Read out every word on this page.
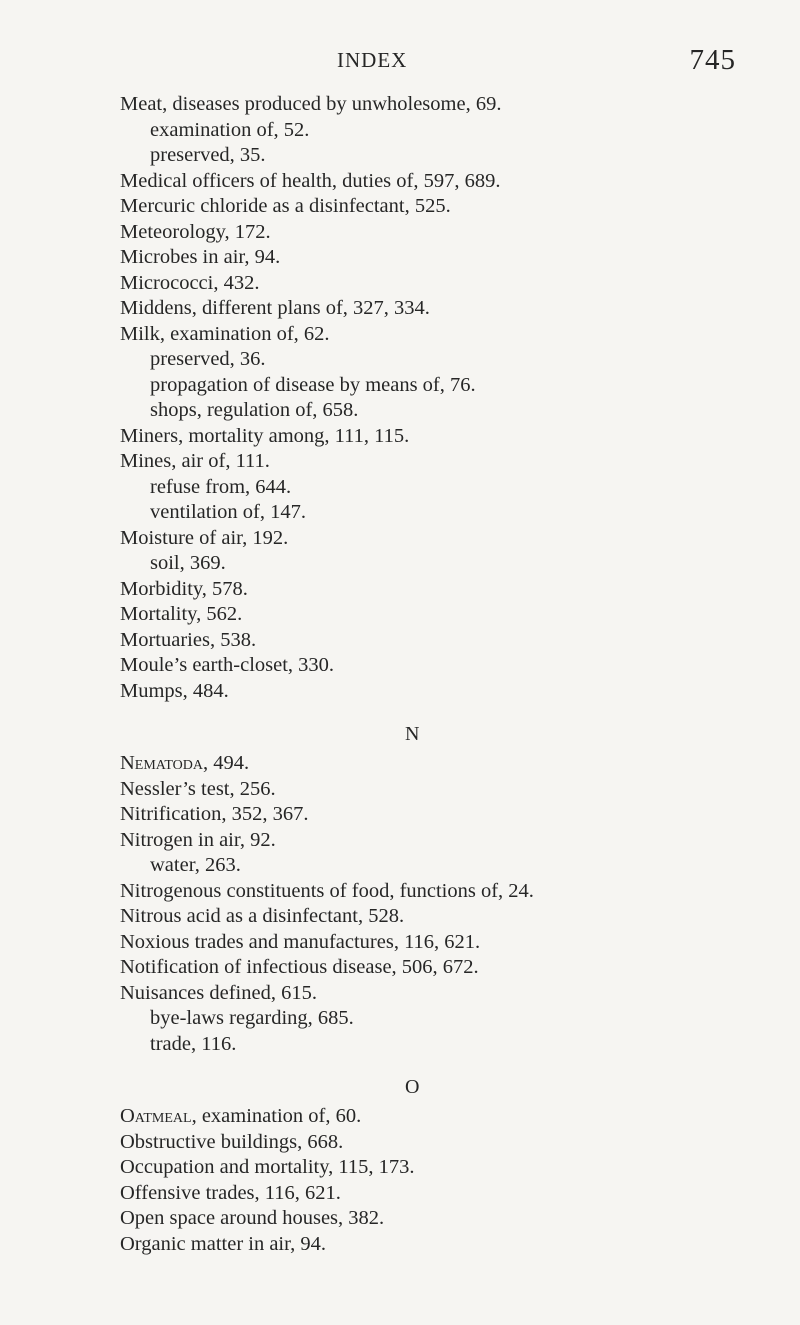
INDEX	745
Meat, diseases produced by unwholesome, 69.
examination of, 52.
preserved, 35.
Medical officers of health, duties of, 597, 689.
Mercuric chloride as a disinfectant, 525.
Meteorology, 172.
Microbes in air, 94.
Micrococci, 432.
Middens, different plans of, 327, 334.
Milk, examination of, 62.
preserved, 36.
propagation of disease by means of, 76.
shops, regulation of, 658.
Miners, mortality among, 111, 115.
Mines, air of, 111.
refuse from, 644.
ventilation of, 147.
Moisture of air, 192.
soil, 369.
Morbidity, 578.
Mortality, 562.
Mortuaries, 538.
Moule’s earth-closet, 330.
Mumps, 484.
N
Nematoda, 494.
Nessler’s test, 256.
Nitrification, 352, 367.
Nitrogen in air, 92.
water, 263.
Nitrogenous constituents of food, functions of, 24.
Nitrous acid as a disinfectant, 528.
Noxious trades and manufactures, 116, 621.
Notification of infectious disease, 506, 672.
Nuisances defined, 615.
bye-laws regarding, 685.
trade, 116.
O
Oatmeal, examination of, 60.
Obstructive buildings, 668.
Occupation and mortality, 115, 173.
Offensive trades, 116, 621.
Open space around houses, 382.
Organic matter in air, 94.
